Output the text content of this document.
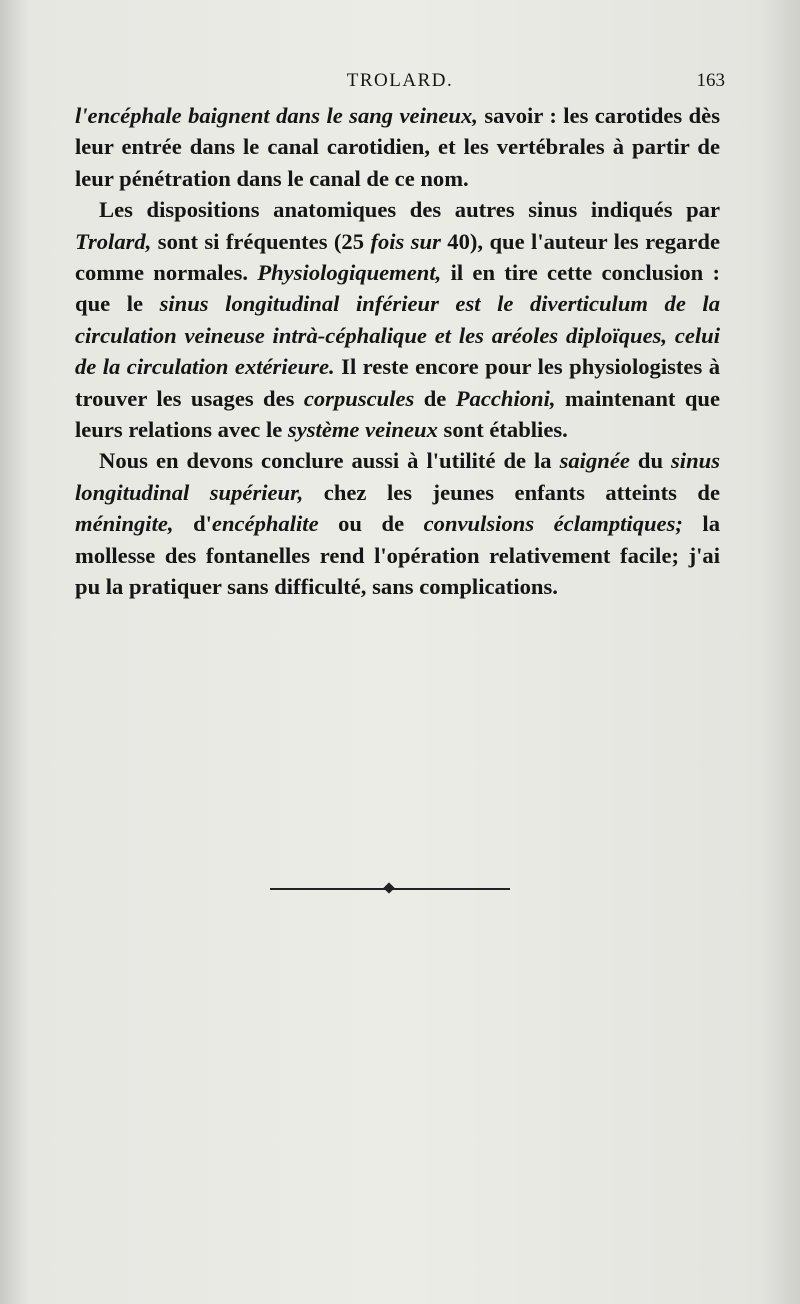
TROLARD.	163

l'encéphale baignent dans le sang veineux, savoir : les carotides dès leur entrée dans le canal carotidien, et les vertébrales à partir de leur pénétration dans le canal de ce nom.

Les dispositions anatomiques des autres sinus indiqués par Trolard, sont si fréquentes (25 fois sur 40), que l'auteur les regarde comme normales. Physiologiquement, il en tire cette conclusion : que le sinus longitudinal inférieur est le diverticulum de la circulation veineuse intrà-céphalique et les aréoles diploïques, celui de la circulation extérieure. Il reste encore pour les physiologistes à trouver les usages des corpuscules de Pacchioni, maintenant que leurs relations avec le système veineux sont établies.

Nous en devons conclure aussi à l'utilité de la saignée du sinus longitudinal supérieur, chez les jeunes enfants atteints de méningite, d'encéphalite ou de convulsions éclamptiques; la mollesse des fontanelles rend l'opération relativement facile; j'ai pu la pratiquer sans difficulté, sans complications.
